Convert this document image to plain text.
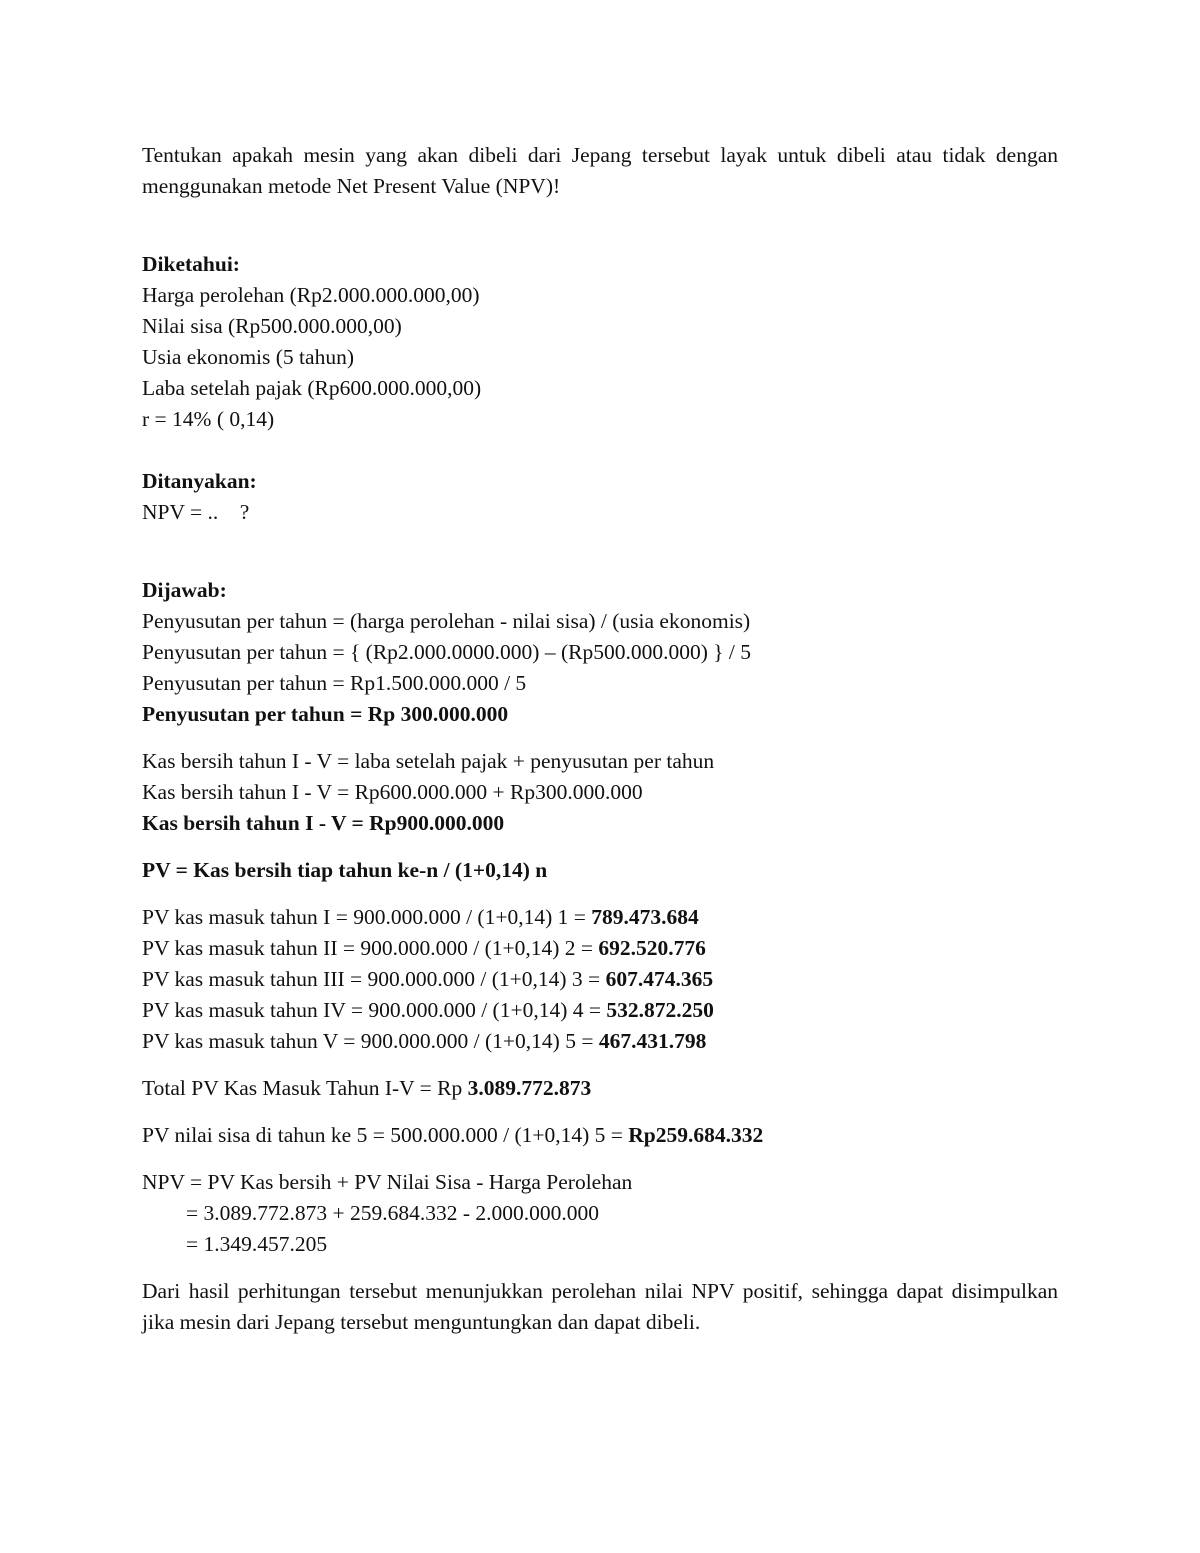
Tentukan apakah mesin yang akan dibeli dari Jepang tersebut layak untuk dibeli atau tidak dengan menggunakan metode Net Present Value (NPV)!

Diketahui:

Harga perolehan (Rp2.000.000.000,00)

Nilai sisa (Rp500.000.000,00)

Usia ekonomis (5 tahun)

Laba setelah pajak (Rp600.000.000,00)

r = 14% ( 0,14)

Ditanyakan:

NPV = ..    ?

Dijawab:

Penyusutan per tahun = (harga perolehan - nilai sisa) / (usia ekonomis)

Penyusutan per tahun = { (Rp2.000.0000.000) – (Rp500.000.000) } / 5

Penyusutan per tahun = Rp1.500.000.000 / 5

Penyusutan per tahun = Rp 300.000.000

Kas bersih tahun I - V = laba setelah pajak + penyusutan per tahun

Kas bersih tahun I - V = Rp600.000.000 + Rp300.000.000

Kas bersih tahun I - V = Rp900.000.000

PV = Kas bersih tiap tahun ke-n / (1+0,14) n

PV kas masuk tahun I = 900.000.000 / (1+0,14) 1 = 789.473.684

PV kas masuk tahun II = 900.000.000 / (1+0,14) 2 = 692.520.776

PV kas masuk tahun III = 900.000.000 / (1+0,14) 3 = 607.474.365

PV kas masuk tahun IV = 900.000.000 / (1+0,14) 4 = 532.872.250

PV kas masuk tahun V = 900.000.000 / (1+0,14) 5 = 467.431.798

Total PV Kas Masuk Tahun I-V = Rp 3.089.772.873

PV nilai sisa di tahun ke 5 = 500.000.000 / (1+0,14) 5 = Rp259.684.332

NPV = PV Kas bersih + PV Nilai Sisa - Harga Perolehan

= 3.089.772.873 + 259.684.332 - 2.000.000.000

= 1.349.457.205

Dari hasil perhitungan tersebut menunjukkan perolehan nilai NPV positif, sehingga dapat disimpulkan jika mesin dari Jepang tersebut menguntungkan dan dapat dibeli.
